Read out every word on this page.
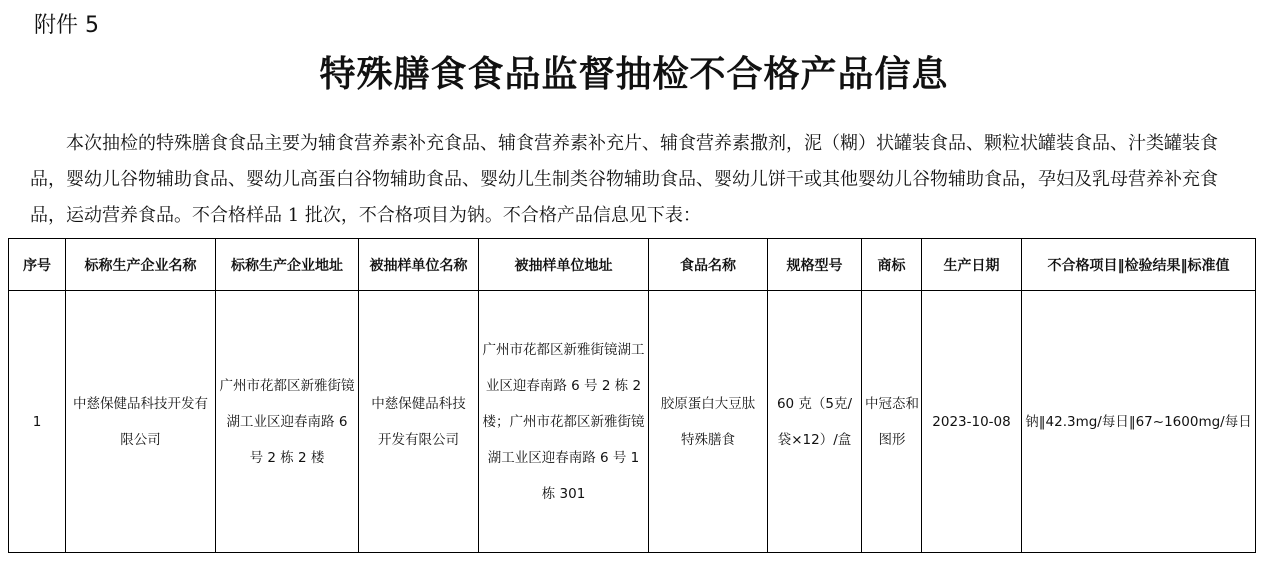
附件 5
特殊膳食食品监督抽检不合格产品信息
本次抽检的特殊膳食食品主要为辅食营养素补充食品、辅食营养素补充片、辅食营养素撒剂，泥（糊）状罐装食品、颗粒状罐装食品、汁类罐装食品，婴幼儿谷物辅助食品、婴幼儿高蛋白谷物辅助食品、婴幼儿生制类谷物辅助食品、婴幼儿饼干或其他婴幼儿谷物辅助食品，孕妇及乳母营养补充食品，运动营养食品。不合格样品 1 批次，不合格项目为钠。不合格产品信息见下表：
序号	标称生产企业名称	标称生产企业地址	被抽样单位名称	被抽样单位地址	食品名称	规格型号	商标	生产日期	不合格项目‖检验结果‖标准值
1	中慈保健品科技开发有限公司	广州市花都区新雅街镜湖工业区迎春南路 6 号 2 栋 2 楼	中慈保健品科技开发有限公司	广州市花都区新雅街镜湖工业区迎春南路 6 号 2 栋 2 楼；广州市花都区新雅街镜湖工业区迎春南路 6 号 1 栋 301	胶原蛋白大豆肽特殊膳食	60 克（5克/袋×12）/盒	中冠态和图形	2023-10-08	钠‖42.3mg/每日‖67~1600mg/每日
